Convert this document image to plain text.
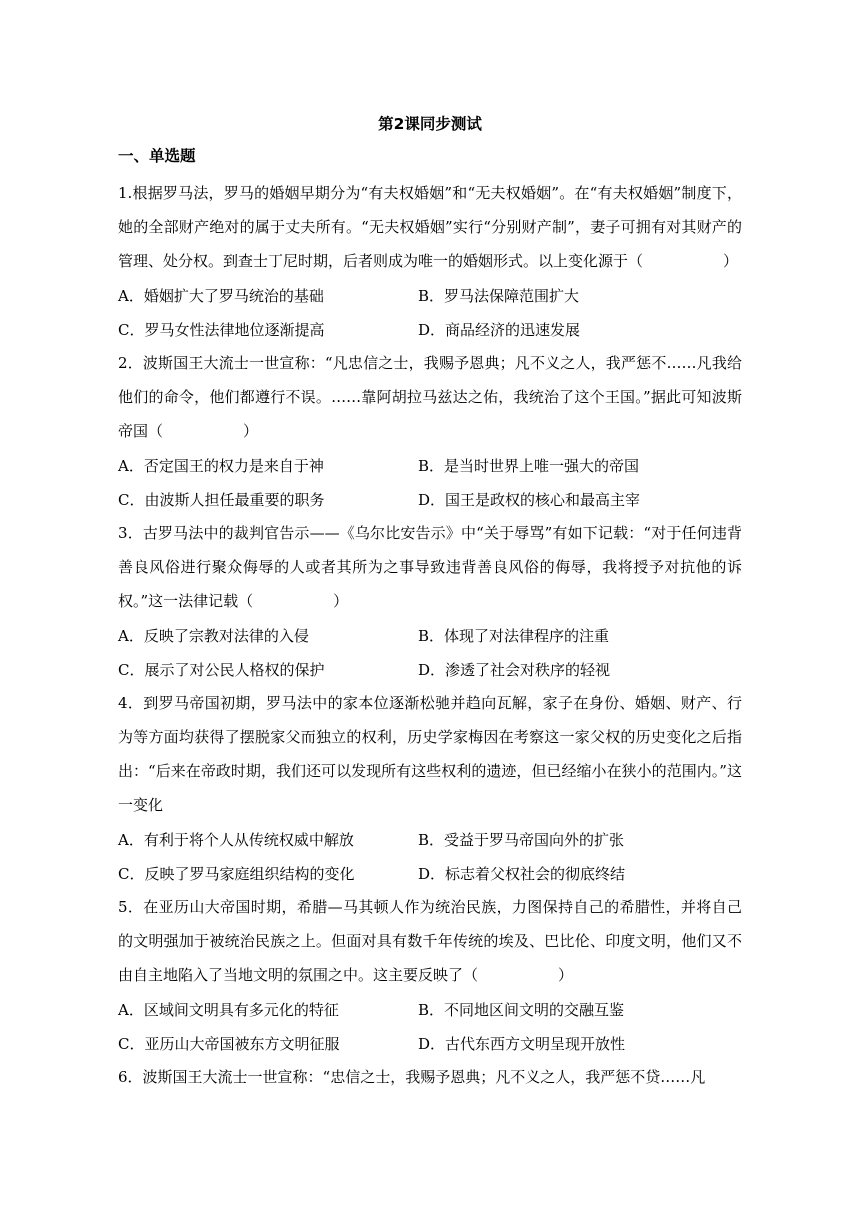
第2课同步测试
一、单选题

1.根据罗马法，罗马的婚姻早期分为“有夫权婚姻”和“无夫权婚姻”。在“有夫权婚姻”制度下，她的全部财产绝对的属于丈夫所有。“无夫权婚姻”实行“分别财产制”，妻子可拥有对其财产的管理、处分权。到查士丁尼时期，后者则成为唯一的婚姻形式。以上变化源于（	）

A．婚姻扩大了罗马统治的基础	B．罗马法保障范围扩大
C．罗马女性法律地位逐渐提高	D．商品经济的迅速发展

2．波斯国王大流士一世宣称：“凡忠信之士，我赐予恩典；凡不义之人，我严惩不……凡我给他们的命令，他们都遵行不误。……靠阿胡拉马兹达之佑，我统治了这个王国。”据此可知波斯帝国（	）

A．否定国王的权力是来自于神	B．是当时世界上唯一强大的帝国
C．由波斯人担任最重要的职务	D．国王是政权的核心和最高主宰

3．古罗马法中的裁判官告示——《乌尔比安告示》中“关于辱骂”有如下记载：“对于任何违背善良风俗进行聚众侮辱的人或者其所为之事导致违背善良风俗的侮辱，我将授予对抗他的诉权。”这一法律记载（	）

A．反映了宗教对法律的入侵	B．体现了对法律程序的注重
C．展示了对公民人格权的保护	D．渗透了社会对秩序的轻视

4．到罗马帝国初期，罗马法中的家本位逐渐松驰并趋向瓦解，家子在身份、婚姻、财产、行为等方面均获得了摆脱家父而独立的权利，历史学家梅因在考察这一家父权的历史变化之后指出：“后来在帝政时期，我们还可以发现所有这些权利的遗迹，但已经缩小在狭小的范围内。”这一变化

A．有利于将个人从传统权威中解放	B．受益于罗马帝国向外的扩张
C．反映了罗马家庭组织结构的变化	D．标志着父权社会的彻底终结

5．在亚历山大帝国时期，希腊—马其顿人作为统治民族，力图保持自己的希腊性，并将自己的文明强加于被统治民族之上。但面对具有数千年传统的埃及、巴比伦、印度文明，他们又不由自主地陷入了当地文明的氛围之中。这主要反映了（	）

A．区域间文明具有多元化的特征	B．不同地区间文明的交融互鉴
C．亚历山大帝国被东方文明征服	D．古代东西方文明呈现开放性

6．波斯国王大流士一世宣称：“忠信之士，我赐予恩典；凡不义之人，我严惩不贷……凡
